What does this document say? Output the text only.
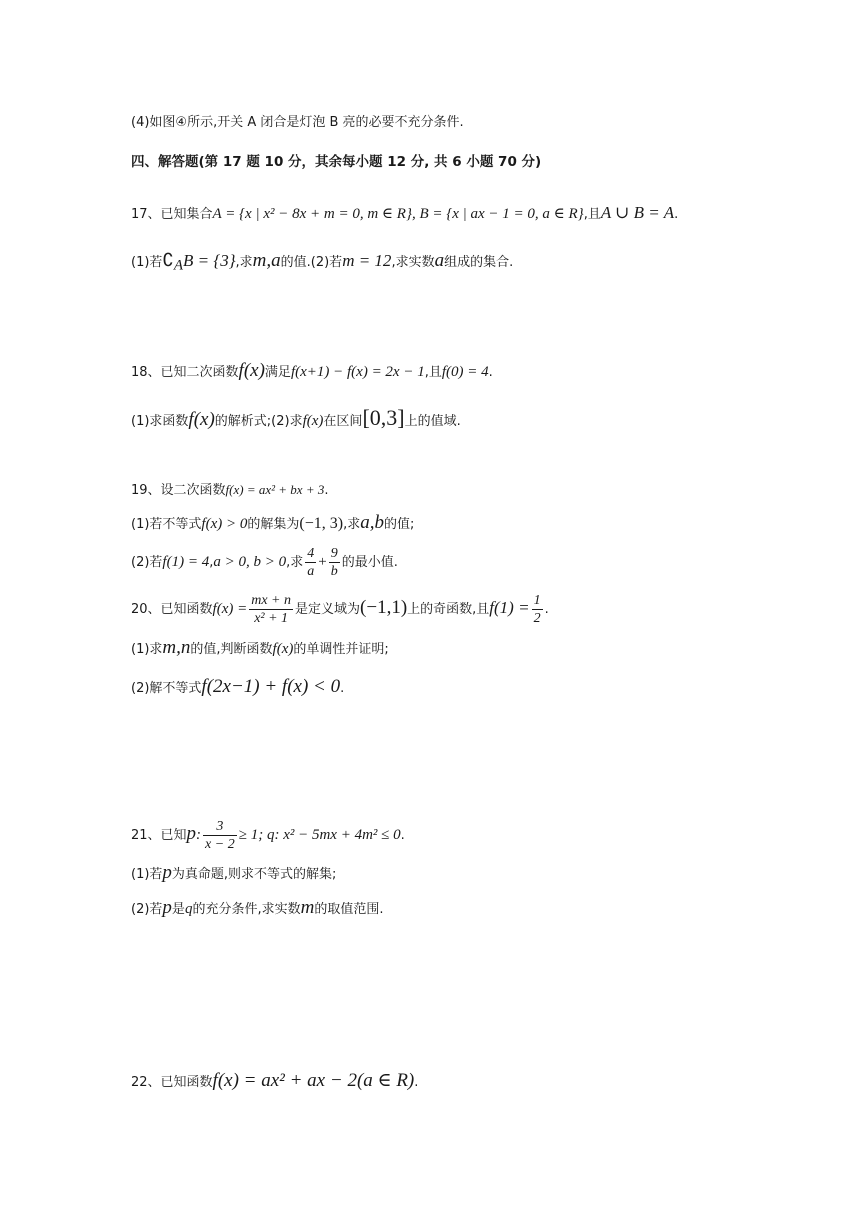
(4)如图④所示,开关 A 闭合是灯泡 B 亮的必要不充分条件.
四、解答题(第 17 题 10 分，其余每小题 12 分, 共 6 小题 70 分)
17、已知集合A = {x | x² − 8x + m = 0, m ∈ R}, B = {x | ax − 1 = 0, a ∈ R},且A ∪ B = A.
(1)若$∁_AB = \{3\}$,求m,a的值.(2)若m = 12,求实数a组成的集合.
18、已知二次函数f(x)满足f(x+1) − f(x) = 2x − 1,且f(0) = 4.
(1)求函数f(x)的解析式;(2)求f(x)在区间[0,3]上的值域.
19、设二次函数f(x) = ax² + bx + 3.
(1)若不等式f(x) > 0的解集为(−1, 3),求a,b的值;
(2)若f(1) = 4,a > 0, b > 0,求 $\frac{4}{a} + \frac{9}{b}$ 的最小值.
20、已知函数$f(x) = \frac{mx + n}{\text{x² + 1}}$ 是定义域为(−1,1)上的奇函数,且$f(1) = \frac{1}{2}$ .
(1)求m,n的值,判断函数f(x)的单调性并证明;
(2)解不等式f(2x−1) + f(x) < 0.
21、已知p: $\frac{3}{x - 2} \ge 1$; q: x² − 5mx + 4m² ≤ 0.
(1)若p为真命题,则求不等式的解集;
(2)若p是q的充分条件,求实数m的取值范围.
22、已知函数f(x) = ax² + ax − 2(a ∈ R).
